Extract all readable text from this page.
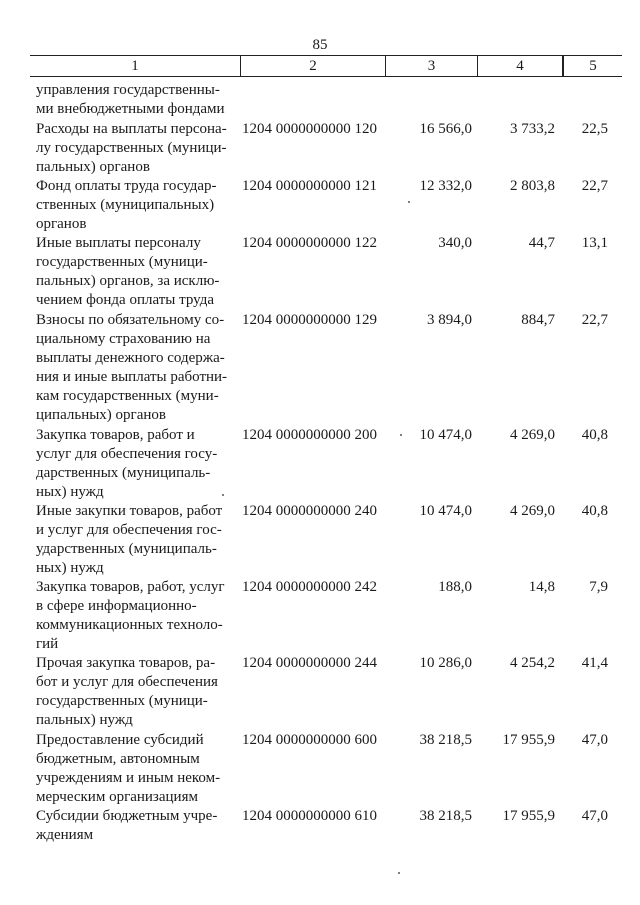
85
1	2	3	4	5
управления государственны-
ми внебюджетными фондами
Расходы на выплаты персона-
лу государственных (муници-
пальных) органов
1204 0000000000 120	16 566,0	3 733,2	22,5
Фонд оплаты труда государ-
ственных (муниципальных)
органов
1204 0000000000 121	12 332,0	2 803,8	22,7
Иные выплаты персоналу
государственных (муници-
пальных) органов, за исклю-
чением фонда оплаты труда
1204 0000000000 122	340,0	44,7	13,1
Взносы по обязательному со-
циальному страхованию на
выплаты денежного содержа-
ния и иные выплаты работни-
кам государственных (муни-
ципальных) органов
1204 0000000000 129	3 894,0	884,7	22,7
Закупка товаров, работ и
услуг для обеспечения госу-
дарственных (муниципаль-
ных) нужд
1204 0000000000 200	10 474,0	4 269,0	40,8
Иные закупки товаров, работ
и услуг для обеспечения гос-
ударственных (муниципаль-
ных) нужд
1204 0000000000 240	10 474,0	4 269,0	40,8
Закупка товаров, работ, услуг
в сфере информационно-
коммуникационных техноло-
гий
1204 0000000000 242	188,0	14,8	7,9
Прочая закупка товаров, ра-
бот и услуг для обеспечения
государственных (муници-
пальных) нужд
1204 0000000000 244	10 286,0	4 254,2	41,4
Предоставление субсидий
бюджетным, автономным
учреждениям и иным неком-
мерческим организациям
1204 0000000000 600	38 218,5	17 955,9	47,0
Субсидии бюджетным учре-
ждениям
1204 0000000000 610	38 218,5	17 955,9	47,0
